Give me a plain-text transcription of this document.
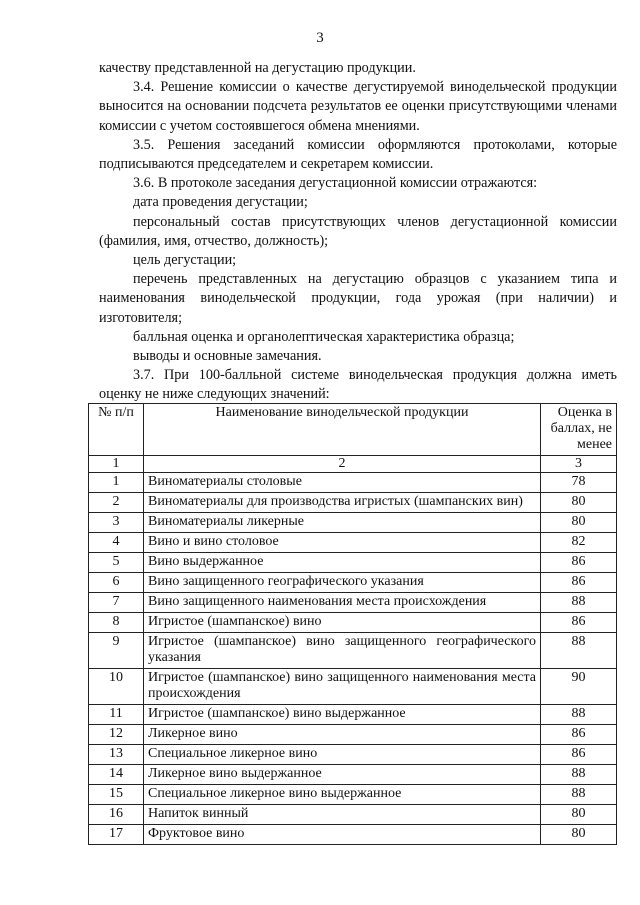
3

качеству представленной на дегустацию продукции.

3.4. Решение комиссии о качестве дегустируемой винодельческой продукции выносится на основании подсчета результатов ее оценки присутствующими членами комиссии с учетом состоявшегося обмена мнениями.

3.5. Решения заседаний комиссии оформляются протоколами, которые подписываются председателем и секретарем комиссии.

3.6. В протоколе заседания дегустационной комиссии отражаются:

дата проведения дегустации;

персональный состав присутствующих членов дегустационной комиссии (фамилия, имя, отчество, должность);

цель дегустации;

перечень представленных на дегустацию образцов с указанием типа и наименования винодельческой продукции, года урожая (при наличии) и изготовителя;

балльная оценка и органолептическая характеристика образца;

выводы и основные замечания.

3.7. При 100-балльной системе винодельческая продукция должна иметь оценку не ниже следующих значений:

№ п/п	Наименование винодельческой продукции	Оценка в баллах, не менее
1	2	3
1	Виноматериалы столовые	78
2	Виноматериалы для производства игристых (шампанских вин)	80
3	Виноматериалы ликерные	80
4	Вино и вино столовое	82
5	Вино выдержанное	86
6	Вино защищенного географического указания	86
7	Вино защищенного наименования места происхождения	88
8	Игристое (шампанское) вино	86
9	Игристое (шампанское) вино защищенного географического указания	88
10	Игристое (шампанское) вино защищенного наименования места происхождения	90
11	Игристое (шампанское) вино выдержанное	88
12	Ликерное вино	86
13	Специальное ликерное вино	86
14	Ликерное вино выдержанное	88
15	Специальное ликерное вино выдержанное	88
16	Напиток винный	80
17	Фруктовое вино	80
